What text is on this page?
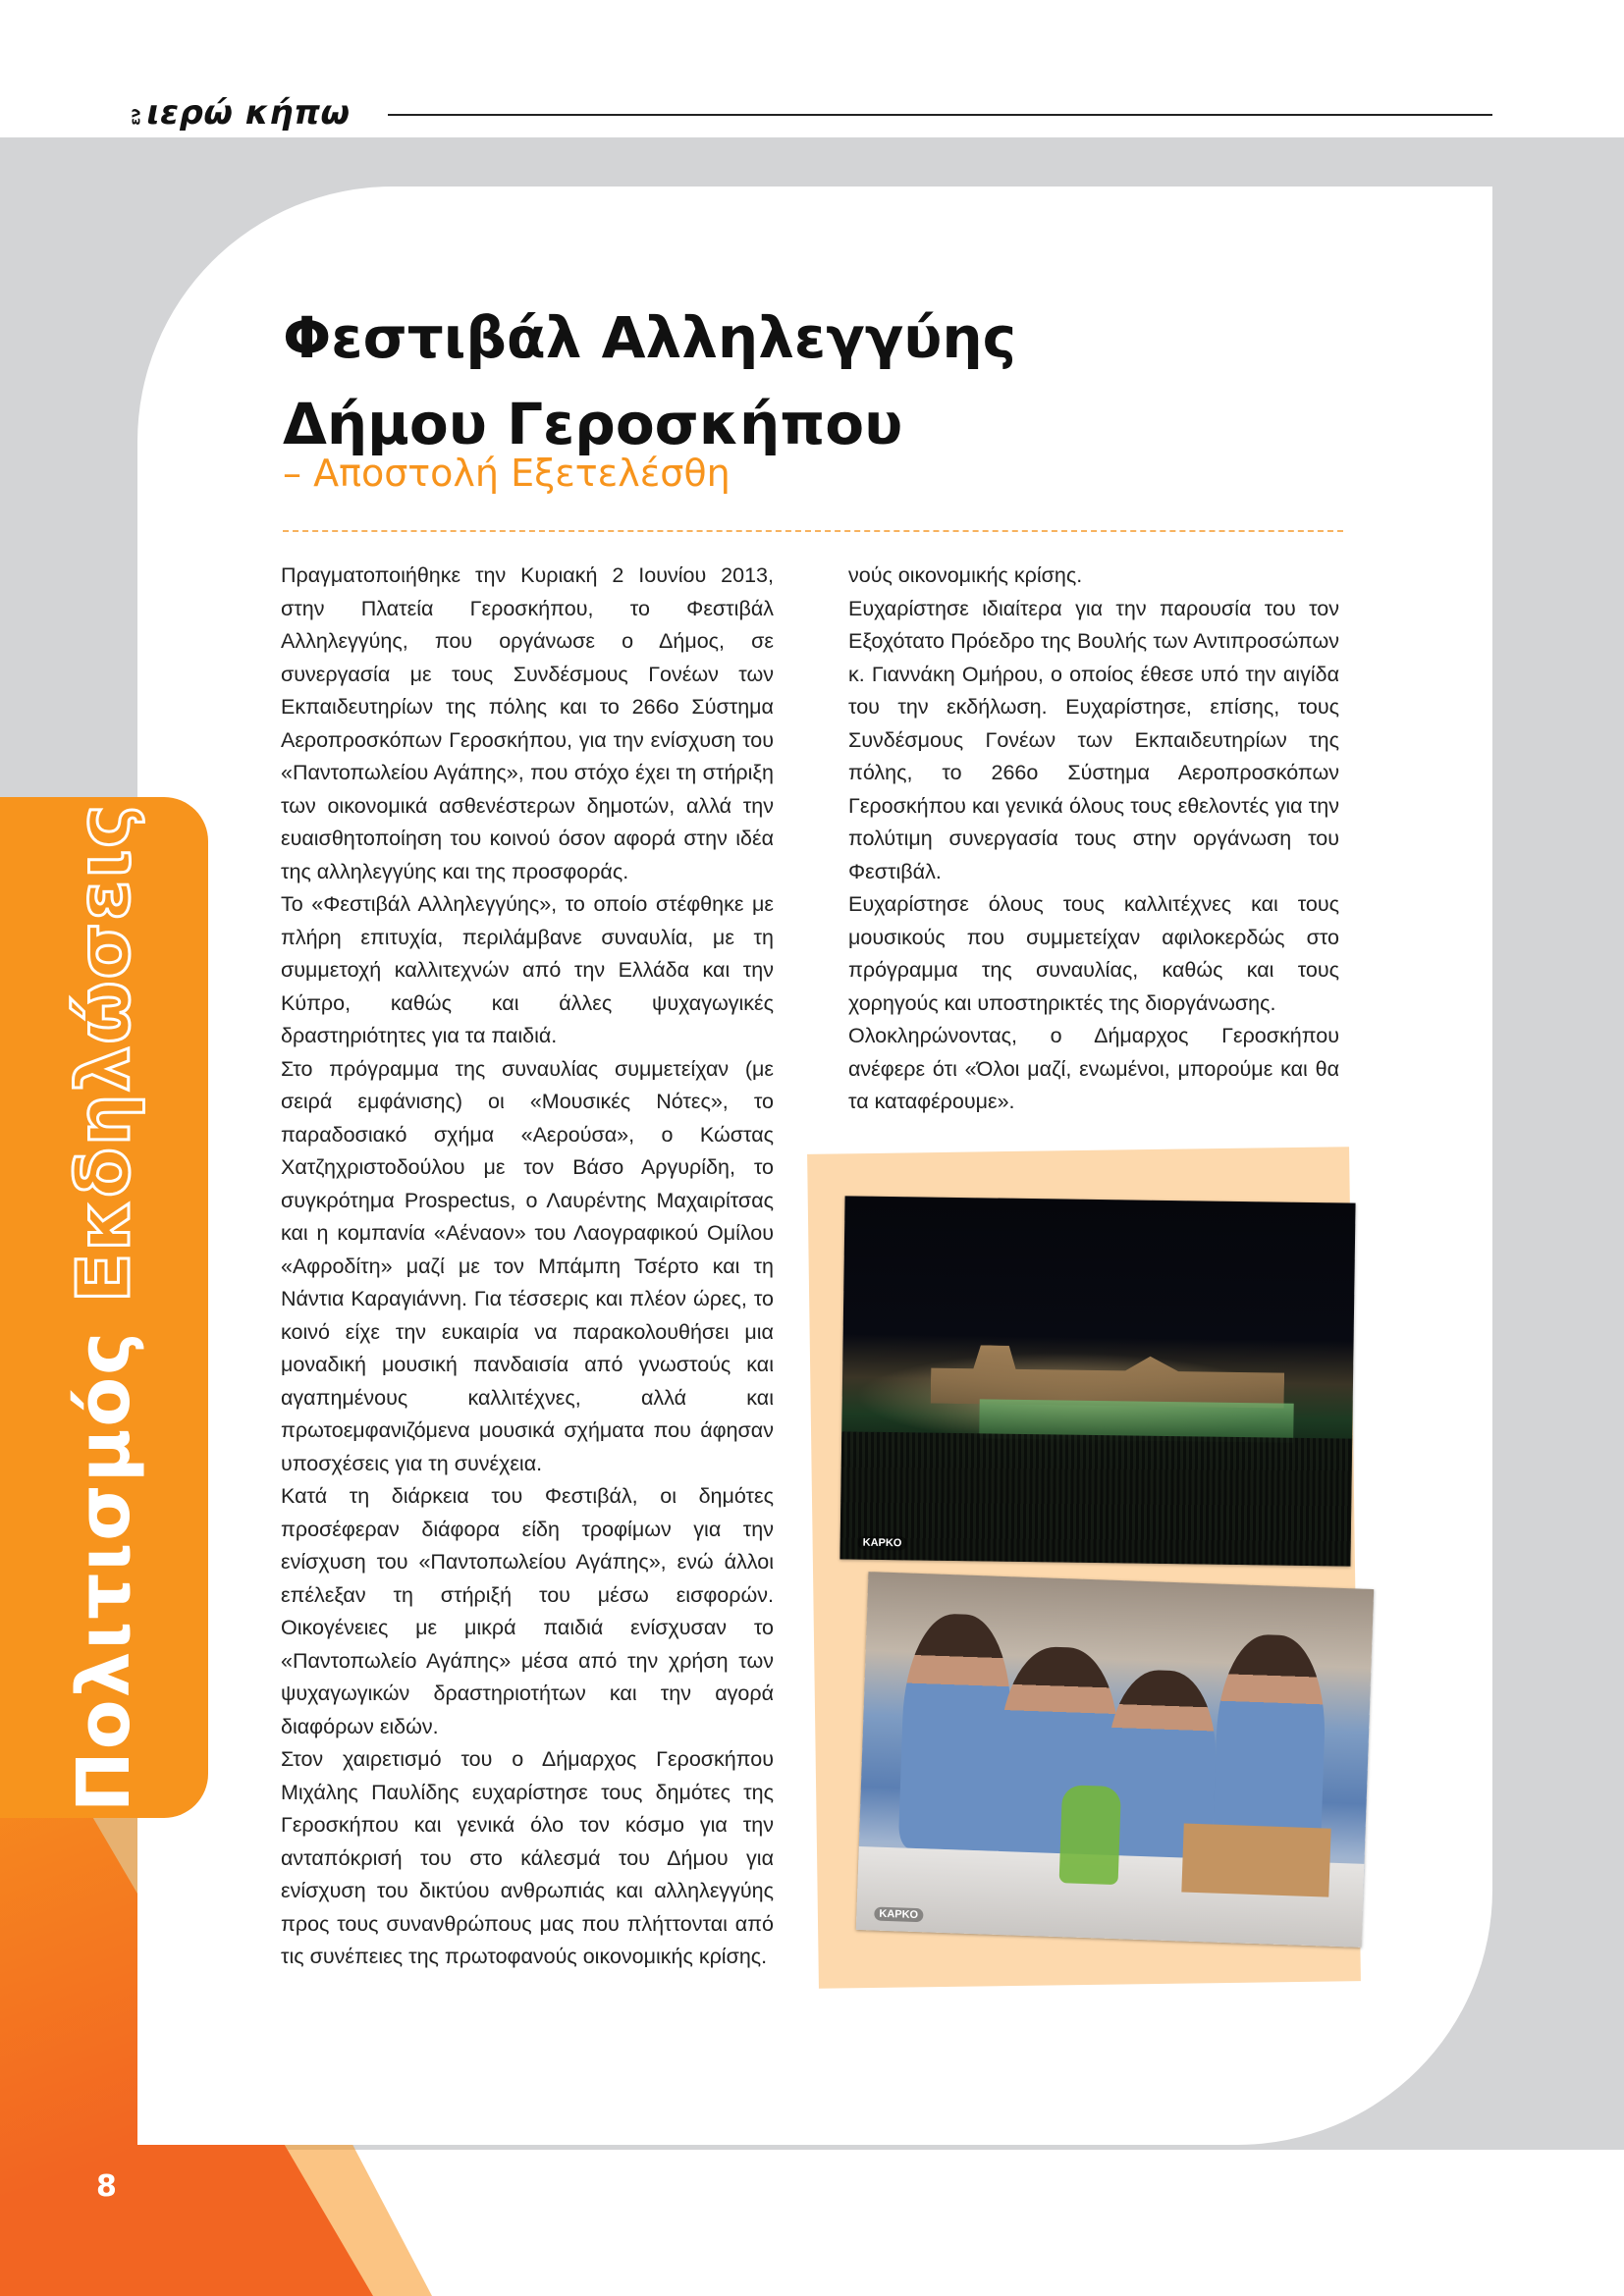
εν ιερώ κήπω
Πολιτισμός Εκδηλώσεις
Φεστιβάλ Αλληλεγγύης
Δήμου Γεροσκήπου
– Αποστολή Εξετελέσθη

Πραγματοποιήθηκε την Κυριακή 2 Ιουνίου 2013, στην Πλατεία Γεροσκήπου, το Φεστιβάλ Αλληλεγγύης, που οργάνωσε ο Δήμος, σε συνεργασία με τους Συνδέσμους Γονέων των Εκπαιδευτηρίων της πόλης και το 266ο Σύστημα Αεροπροσκόπων Γεροσκήπου, για την ενίσχυση του «Παντοπωλείου Αγάπης», που στόχο έχει τη στήριξη των οικονομικά ασθενέστερων δημοτών, αλλά την ευαισθητοποίηση του κοινού όσον αφορά στην ιδέα της αλληλεγγύης και της προσφοράς.

Το «Φεστιβάλ Αλληλεγγύης», το οποίο στέφθηκε με πλήρη επιτυχία, περιλάμβανε συναυλία, με τη συμμετοχή καλλιτεχνών από την Ελλάδα και την Κύπρο, καθώς και άλλες ψυχαγωγικές δραστηριότητες για τα παιδιά.

Στο πρόγραμμα της συναυλίας συμμετείχαν (με σειρά εμφάνισης) οι «Μουσικές Νότες», το παραδοσιακό σχήμα «Αερούσα», ο Κώστας Χατζηχριστοδούλου με τον Βάσο Αργυρίδη, το συγκρότημα Prospectus, ο Λαυρέντης Μαχαιρίτσας και η κομπανία «Αέναον» του Λαογραφικού Ομίλου «Αφροδίτη» μαζί με τον Μπάμπη Τσέρτο και τη Νάντια Καραγιάννη. Για τέσσερις και πλέον ώρες, το κοινό είχε την ευκαιρία να παρακολουθήσει μια μοναδική μουσική πανδαισία από γνωστούς και αγαπημένους καλλιτέχνες, αλλά και πρωτοεμφανιζόμενα μουσικά σχήματα που άφησαν υποσχέσεις για τη συνέχεια.

Κατά τη διάρκεια του Φεστιβάλ, οι δημότες προσέφεραν διάφορα είδη τροφίμων για την ενίσχυση του «Παντοπωλείου Αγάπης», ενώ άλλοι επέλεξαν τη στήριξή του μέσω εισφορών. Οικογένειες με μικρά παιδιά ενίσχυσαν το «Παντοπωλείο Αγάπης» μέσα από την χρήση των ψυχαγωγικών δραστηριοτήτων και την αγορά διαφόρων ειδών.

Στον χαιρετισμό του ο Δήμαρχος Γεροσκήπου Μιχάλης Παυλίδης ευχαρίστησε τους δημότες της Γεροσκήπου και γενικά όλο τον κόσμο για την ανταπόκρισή του στο κάλεσμά του Δήμου για ενίσχυση του δικτύου ανθρωπιάς και αλληλεγγύης προς τους συνανθρώπους μας που πλήττονται από τις συνέπειες της πρωτοφανούς οικονομικής κρίσης.

νούς οικονομικής κρίσης.

Ευχαρίστησε ιδιαίτερα για την παρουσία του τον Εξοχότατο Πρόεδρο της Βουλής των Αντιπροσώπων κ. Γιαννάκη Ομήρου, ο οποίος έθεσε υπό την αιγίδα του την εκδήλωση. Ευχαρίστησε, επίσης, τους Συνδέσμους Γονέων των Εκπαιδευτηρίων της πόλης, το 266ο Σύστημα Αεροπροσκόπων Γεροσκήπου και γενικά όλους τους εθελοντές για την πολύτιμη συνεργασία τους στην οργάνωση του Φεστιβάλ.

Ευχαρίστησε όλους τους καλλιτέχνες και τους μουσικούς που συμμετείχαν αφιλοκερδώς στο πρόγραμμα της συναυλίας, καθώς και τους χορηγούς και υποστηρικτές της διοργάνωσης.

Ολοκληρώνοντας, ο Δήμαρχος Γεροσκήπου ανέφερε ότι «Όλοι μαζί, ενωμένοι, μπορούμε και θα τα καταφέρουμε».

KAPKO
KAPKO
8
